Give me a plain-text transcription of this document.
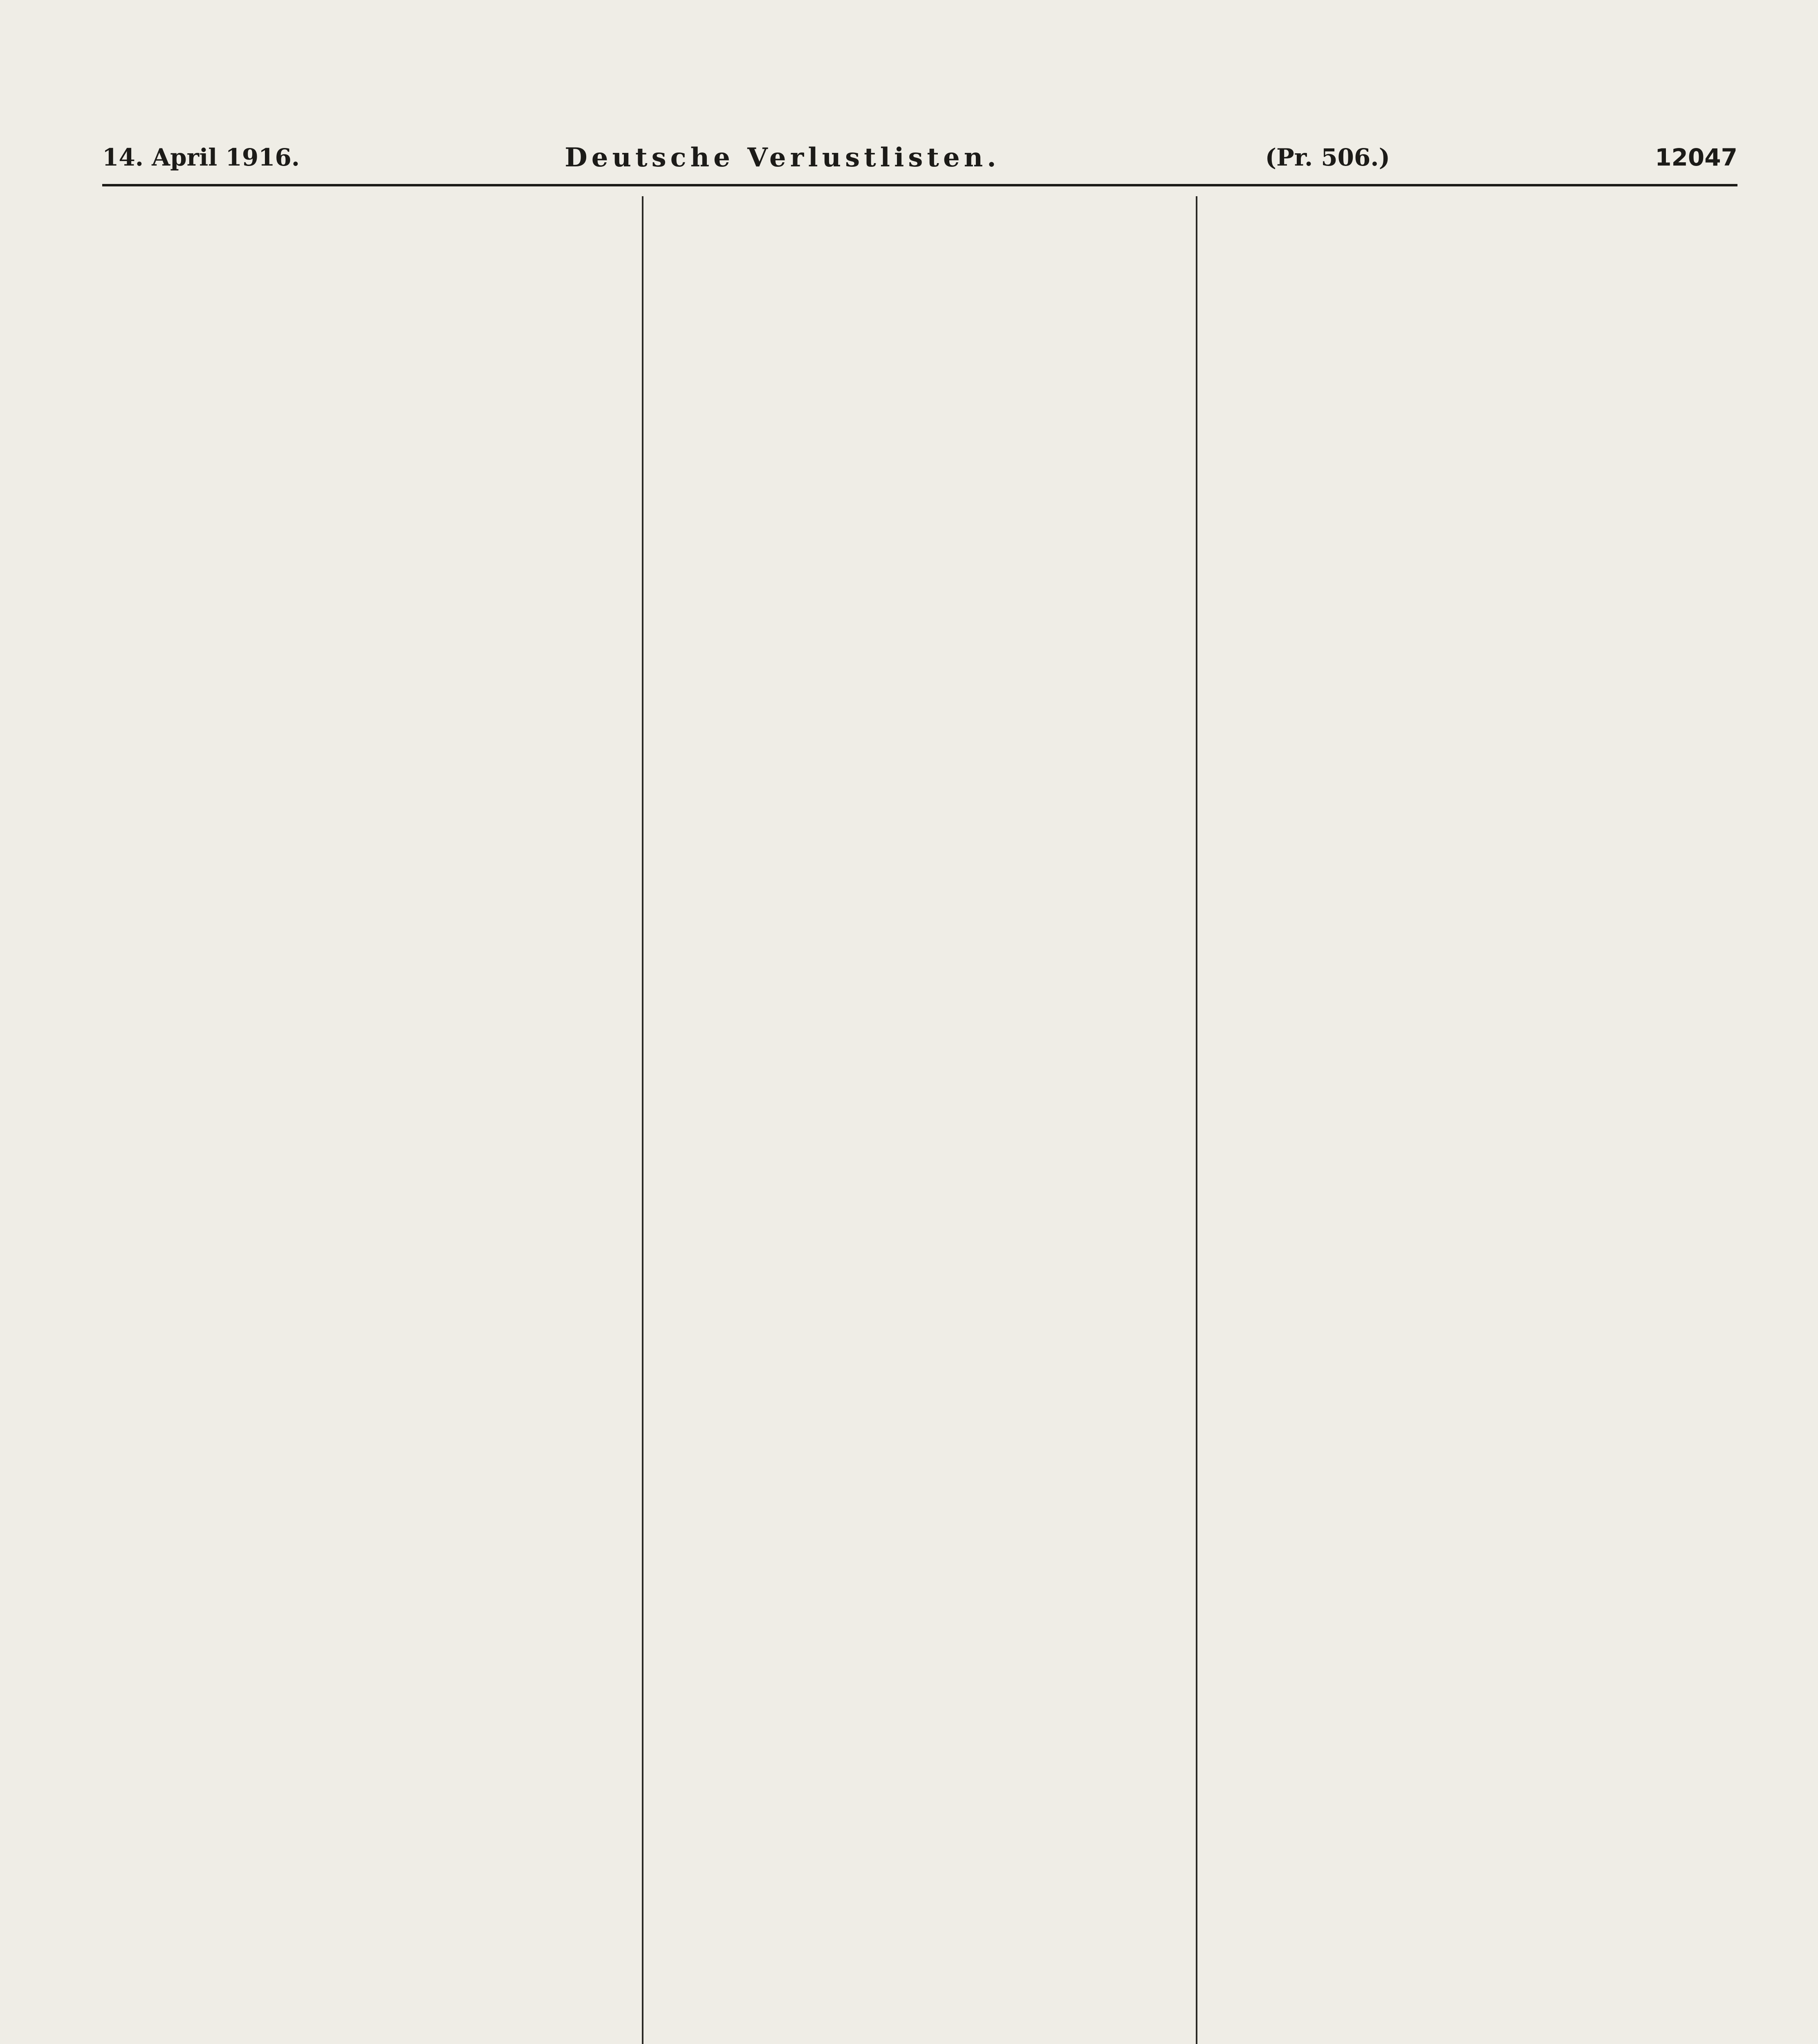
14. April 1916.	Deutsche Verlustlisten.	(Pr. 506.)	12047
